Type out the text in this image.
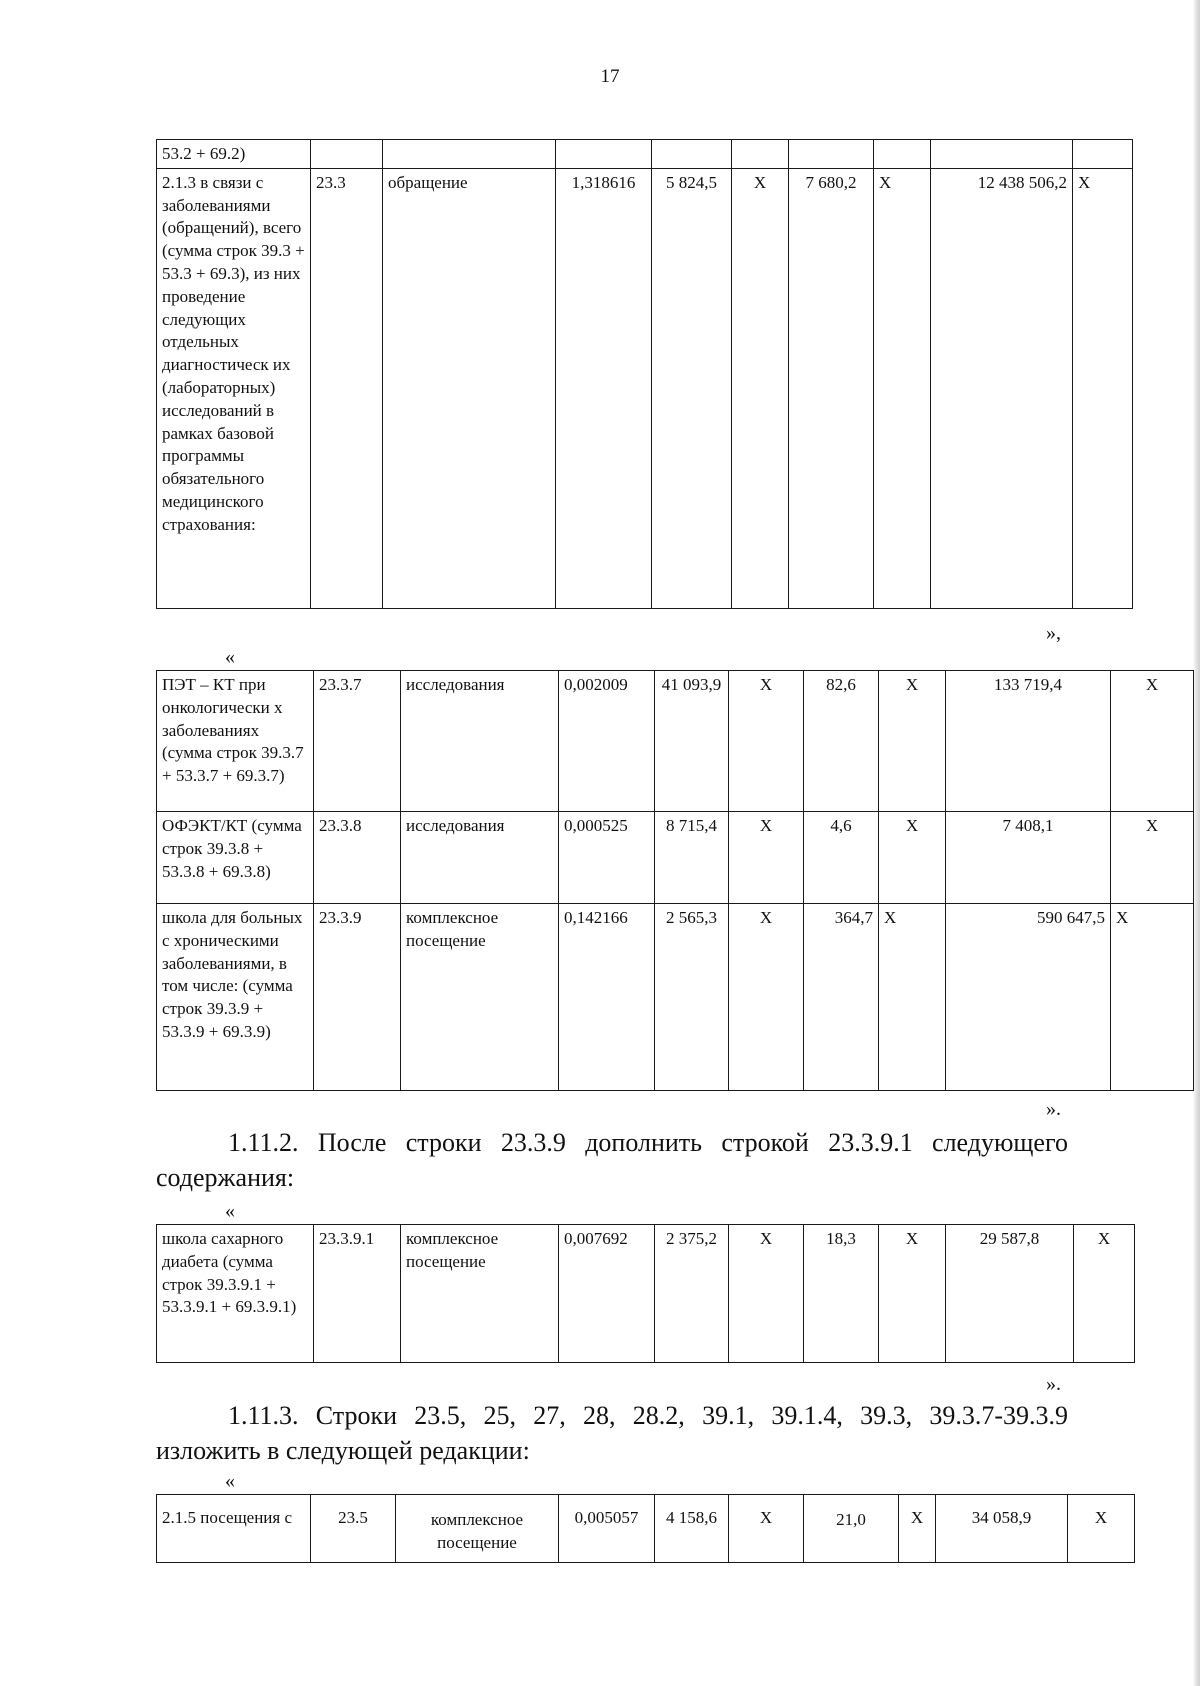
17
53.2 + 69.2)									
2.1.3 в связи с заболеваниями (обращений), всего (сумма строк 39.3 + 53.3 + 69.3), из них проведение следующих отдельных диагностическ их (лабораторных) исследований в рамках базовой программы обязательного медицинского страхования:	23.3	обращение	1,318616	5 824,5	Х	7 680,2	Х	12 438 506,2	Х
»,
«
ПЭТ – КТ при онкологически х заболеваниях (сумма строк 39.3.7 + 53.3.7 + 69.3.7)	23.3.7	исследования	0,002009	41 093,9	Х	82,6	Х	133 719,4	Х
ОФЭКТ/КТ (сумма строк 39.3.8 + 53.3.8 + 69.3.8)	23.3.8	исследования	0,000525	8 715,4	Х	4,6	Х	7 408,1	Х
школа для больных с хроническими заболеваниями, в том числе: (сумма строк 39.3.9 + 53.3.9 + 69.3.9)	23.3.9	комплексное посещение	0,142166	2 565,3	Х	364,7	Х	590 647,5	Х
».
1.11.2. После строки 23.3.9 дополнить строкой 23.3.9.1 следующего содержания:
«
школа сахарного диабета (сумма строк 39.3.9.1 + 53.3.9.1 + 69.3.9.1)	23.3.9.1	комплексное посещение	0,007692	2 375,2	Х	18,3	Х	29 587,8	Х
».
1.11.3. Строки 23.5, 25, 27, 28, 28.2, 39.1, 39.1.4, 39.3, 39.3.7-39.3.9 изложить в следующей редакции:
«
2.1.5 посещения с	23.5	комплексное посещение	0,005057	4 158,6	Х	21,0	Х	34 058,9	Х
